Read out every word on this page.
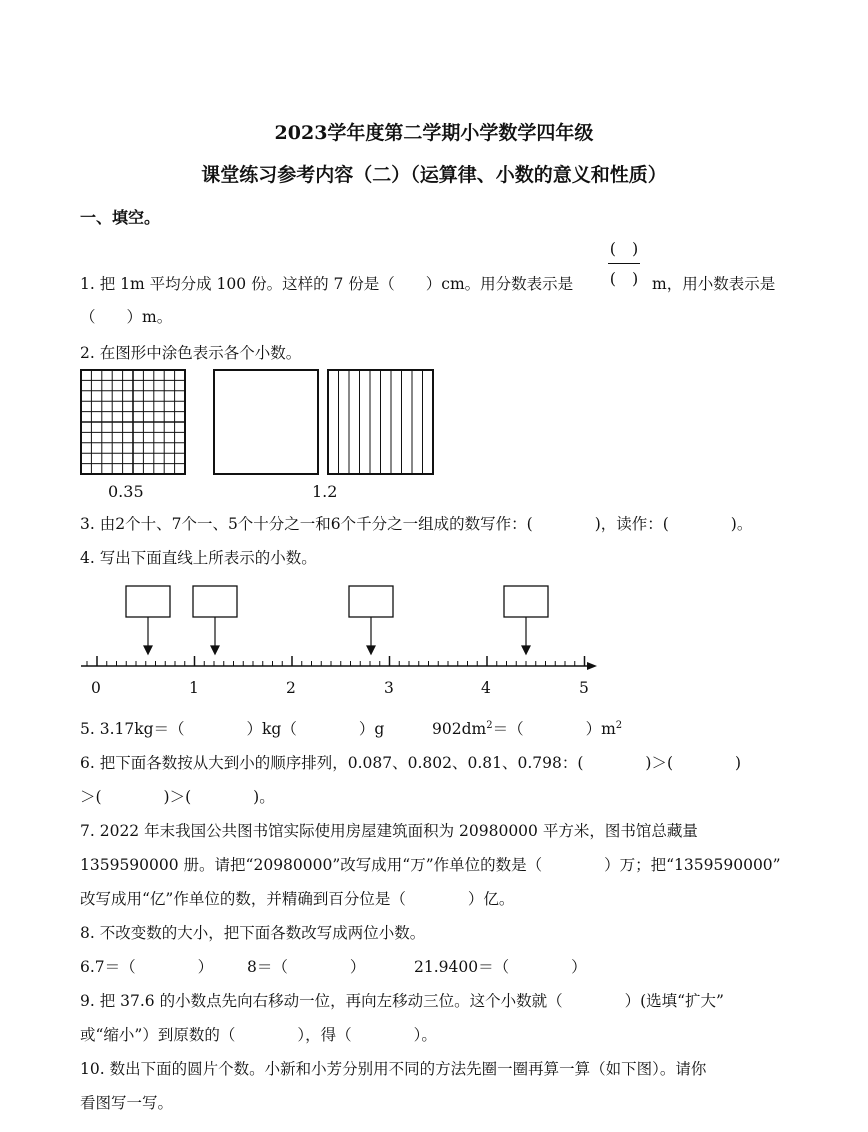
2023学年度第二学期小学数学四年级
课堂练习参考内容（二）（运算律、小数的意义和性质）
一、填空。
1. 把 1m 平均分成 100 份。这样的 7 份是（　　）cm。用分数表示是
(　)
(　) m，用小数表示是
（　　）m。
2. 在图形中涂色表示各个小数。
0.35	1.2
3. 由2个十、7个一、5个十分之一和6个千分之一组成的数写作：(　　　　)，读作：(　　　　)。
4. 写出下面直线上所表示的小数。
0	1	2	3	4	5
5. 3.17kg＝（　　　　）kg（　　　　）g	$902dm^2=$（　　　　）$m^2$
6. 把下面各数按从大到小的顺序排列，0.087、0.802、0.81、0.798：(　　　　)＞(　　　　)
＞(　　　　)＞(　　　　)。
7. 2022 年末我国公共图书馆实际使用房屋建筑面积为 20980000 平方米，图书馆总藏量
1359590000 册。请把“20980000”改写成用“万”作单位的数是（　　　　）万；把“1359590000”
改写成用“亿”作单位的数，并精确到百分位是（　　　　）亿。
8. 不改变数的大小，把下面各数改写成两位小数。
6.7＝（　　　　） 8＝（　　　　）	21.9400＝（　　　　）
9. 把 37.6 的小数点先向右移动一位，再向左移动三位。这个小数就（　　　　）(选填“扩大”
或“缩小”）到原数的（　　　　），得（　　　　）。
10. 数出下面的圆片个数。小新和小芳分别用不同的方法先圈一圈再算一算（如下图）。请你
看图写一写。
